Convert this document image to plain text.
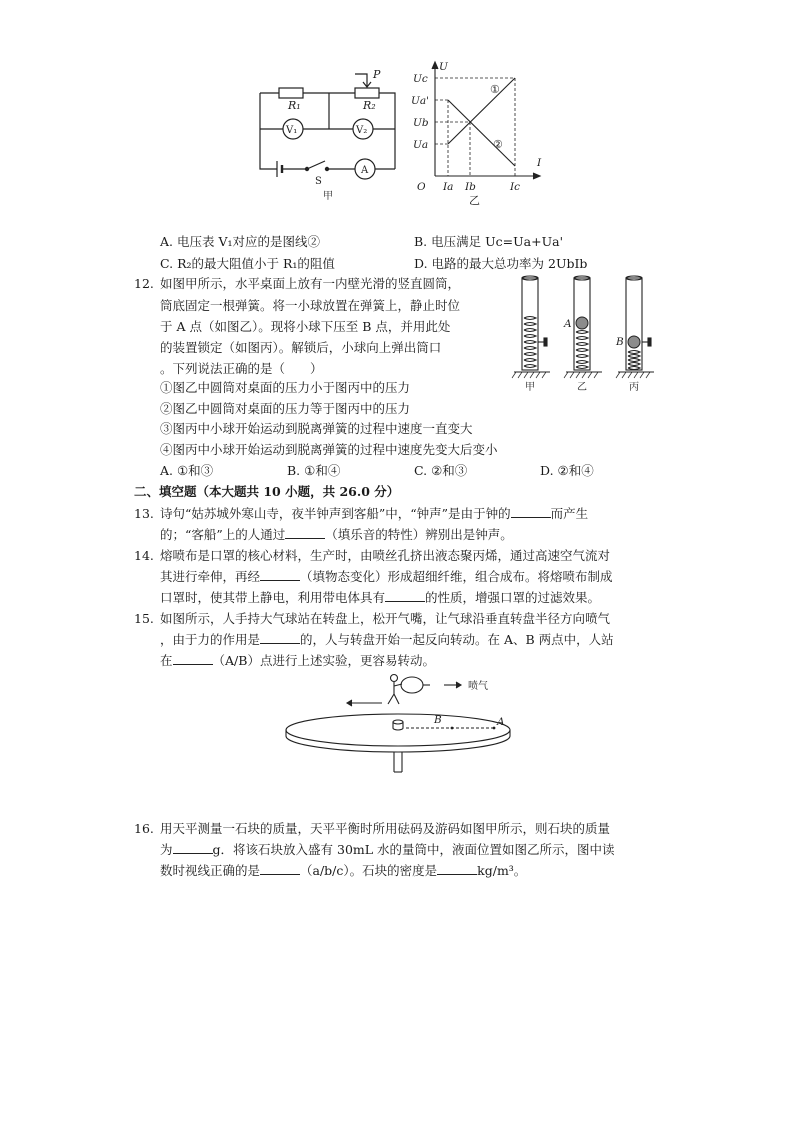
R₁	R₂
P
V₁	V₂
A
S
甲
U
I
O
Uc
Ua'
Ub
Ua
Ia Ib	Ic
①
②
乙
A. 电压表 V₁对应的是图线②	B. 电压满足 Uc=Ua+Ua'
C. R₂的最大阻值小于 R₁的阻值	D. 电路的最大总功率为 2UbIb
12. 如图甲所示，水平桌面上放有一内壁光滑的竖直圆筒，
筒底固定一根弹簧。将一小球放置在弹簧上，静止时位
于 A 点（如图乙）。现将小球下压至 B 点，并用此处
的装置锁定（如图丙）。解锁后，小球向上弹出筒口
。下列说法正确的是（　　）
①图乙中圆筒对桌面的压力小于图丙中的压力
②图乙中圆筒对桌面的压力等于图丙中的压力
③图丙中小球开始运动到脱离弹簧的过程中速度一直变大
④图丙中小球开始运动到脱离弹簧的过程中速度先变大后变小
A. ①和③	B. ①和④	C. ②和③	D. ②和④
A
B
甲	乙	丙
二、填空题（本大题共 10 小题，共 26.0 分）
13. 诗句“姑苏城外寒山寺，夜半钟声到客船”中，“钟声”是由于钟的	而产生
的；“客船”上的人通过	（填乐音的特性）辨别出是钟声。
14. 熔喷布是口罩的核心材料，生产时，由喷丝孔挤出液态聚丙烯，通过高速空气流对
其进行牵伸，再经	（填物态变化）形成超细纤维，组合成布。将熔喷布制成
口罩时，使其带上静电，利用带电体具有	的性质，增强口罩的过滤效果。
15. 如图所示，人手持大气球站在转盘上，松开气嘴，让气球沿垂直转盘半径方向喷气
，由于力的作用是	的，人与转盘开始一起反向转动。在 A、B 两点中，人站
在	（A/B）点进行上述实验，更容易转动。
喷气
A
B
16. 用天平测量一石块的质量，天平平衡时所用砝码及游码如图甲所示，则石块的质量
为	g．将该石块放入盛有 30mL 水的量筒中，液面位置如图乙所示，图中读
数时视线正确的是	（a/b/c）。石块的密度是	kg/m³。
